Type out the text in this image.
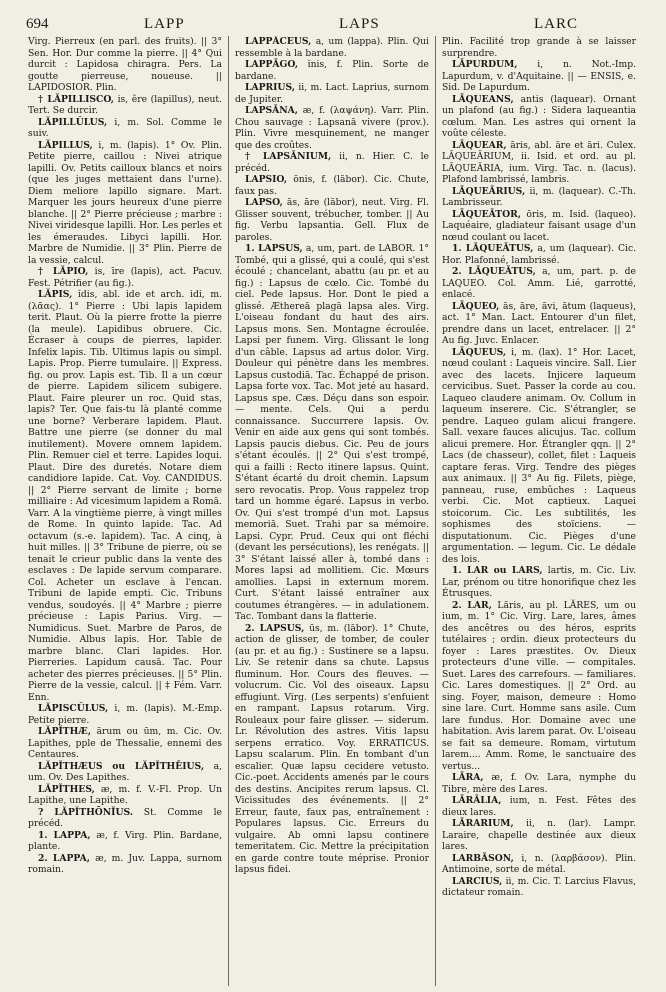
694	LAPP	LAPS	LARC

Virg. Pierreux (en parl. des fruits). || 3° Sen. Hor. Dur comme la pierre. || 4° Qui durcit : Lapidosa chiragra. Pers. La goutte pierreuse, noueuse. || LAPIDOSIOR. Plin.

† LĂPILLISCO, is, ĕre (lapillus), neut. Tert. Se durcir.

LĂPILLŬLUS, i, m. Sol. Comme le suiv.

LĂPILLUS, i, m. (lapis). 1° Ov. Plin. Petite pierre, caillou : Nivei atrique lapilli. Ov. Petits cailloux blancs et noirs (que les juges mettaient dans l'urne). Diem meliore lapillo signare. Mart. Marquer les jours heureux d'une pierre blanche. || 2° Pierre précieuse ; marbre : Nivei viridesque lapilli. Hor. Les perles et les émeraudes. Libyci lapilli. Hor. Marbre de Numidie. || 3° Plin. Pierre de la vessie, calcul.

† LĂPIO, is, īre (lapis), act. Pacuv. Fest. Pétrifier (au fig.).

LĂPIS, ĭdis, abl. ide et arch. idi, m. (λᾶας). 1° Pierre : Ubi lapis lapidem terit. Plaut. Où la pierre frotte la pierre (la meule). Lapidibus obruere. Cic. Écraser à coups de pierres, lapider. Infelix lapis. Tib. Ultimus lapis ou simpl. Lapis. Prop. Pierre tumulaire. || Express. fig. ou prov. Lapis est. Tib. Il a un cœur de pierre. Lapidem silicem subigere. Plaut. Faire pleurer un roc. Quid stas, lapis? Ter. Que fais-tu là planté comme une borne? Verberare lapidem. Plaut. Battre une pierre (se donner du mal inutilement). Movere omnem lapidem. Plin. Remuer ciel et terre. Lapides loqui. Plaut. Dire des duretés. Notare diem candidiore lapide. Cat. Voy. CANDIDUS. || 2° Pierre servant de limite ; borne milliaire : Ad vicesimum lapidem a Romā. Varr. A la vingtième pierre, à vingt milles de Rome. In quinto lapide. Tac. Ad octavum (s.-e. lapidem). Tac. A cinq, à huit milles. || 3° Tribune de pierre, où se tenait le crieur public dans la vente des esclaves : De lapide servum comparare. Col. Acheter un esclave à l'encan. Tribuni de lapide empti. Cic. Tribuns vendus, soudoyés. || 4° Marbre ; pierre précieuse : Lapis Parius. Virg. — Numidicus. Suet. Marbre de Paros, de Numidie. Albus lapis. Hor. Table de marbre blanc. Clari lapides. Hor. Pierreries. Lapidum causā. Tac. Pour acheter des pierres précieuses. || 5° Plin. Pierre de la vessie, calcul. || ‡ Fém. Varr. Enn.

LĂPISCŬLUS, i, m. (lapis). M.-Emp. Petite pierre.

LĂPĬTHÆ, ārum ou ūm, m. Cic. Ov. Lapithes, pple de Thessalie, ennemi des Centaures.

LĂPĬTHÆUS ou LĂPĬTHĒIUS, a, um. Ov. Des Lapithes.

LĂPĬTHES, æ, m. f. V.-Fl. Prop. Un Lapithe, une Lapithe.

? LĂPĬTHŌNĬUS. St. Comme le précéd.

1. LAPPA, æ, f. Virg. Plin. Bardane, plante.

2. LAPPA, æ, m. Juv. Lappa, surnom romain.

LAPPĀCEUS, a, um (lappa). Plin. Qui ressemble à la bardane.

LAPPĀGO, ĭnis, f. Plin. Sorte de bardane.

LAPRIUS, ii, m. Lact. Laprius, surnom de Jupiter.

LAPSĀNA, æ, f. (λαψάνη). Varr. Plin. Chou sauvage : Lapsanā vivere (prov.). Plin. Vivre mesquinement, ne manger que des croûtes.

† LAPSĀNIUM, ii, n. Hier. C. le précéd.

LAPSIO, ōnis, f. (lābor). Cic. Chute, faux pas.

LAPSO, ās, āre (lābor), neut. Virg. Fl. Glisser souvent, trébucher, tomber. || Au fig. Verbu lapsantia. Gell. Flux de paroles.

1. LAPSUS, a, um, part. de LABOR. 1° Tombé, qui a glissé, qui a coulé, qui s'est écoulé ; chancelant, abattu (au pr. et au fig.) : Lapsus de cœlo. Cic. Tombé du ciel. Pede lapsus. Hor. Dont le pied a glissé. Æthereā plagā lapsa ales. Virg. L'oiseau fondant du haut des airs. Lapsus mons. Sen. Montagne écroulée. Lapsi per funem. Virg. Glissant le long d'un câble. Lapsus ad artus dolor. Virg. Douleur qui pénètre dans les membres. Lapsus custodiā. Tac. Échappé de prison. Lapsa forte vox. Tac. Mot jeté au hasard. Lapsus spe. Cæs. Déçu dans son espoir. — mente. Cels. Qui a perdu connaissance. Succurrere lapsis. Ov. Venir en aide aux gens qui sont tombés. Lapsis paucis diebus. Cic. Peu de jours s'étant écoulés. || 2° Qui s'est trompé, qui a failli : Recto itinere lapsus. Quint. S'étant écarté du droit chemin. Lapsum sero revocatis. Prop. Vous rappelez trop tard un homme égaré. Lapsus in verbo. Ov. Qui s'est trompé d'un mot. Lapsus memoriā. Suet. Trahi par sa mémoire. Lapsi. Cypr. Prud. Ceux qui ont fléchi (devant les persécutions), les renégats. || 3° S'étant laissé aller à, tombé dans : Mores lapsi ad mollitiem. Cic. Mœurs amollies. Lapsi in externum morem. Curt. S'étant laissé entraîner aux coutumes étrangères. — in adulationem. Tac. Tombant dans la flatterie.

2. LAPSUS, ūs, m. (lābor). 1° Chute, action de glisser, de tomber, de couler (au pr. et au fig.) : Sustinere se a lapsu. Liv. Se retenir dans sa chute. Lapsus fluminum. Hor. Cours des fleuves. — volucrum. Cic. Vol des oiseaux. Lapsu effugiunt. Virg. (Les serpents) s'enfuient en rampant. Lapsus rotarum. Virg. Rouleaux pour faire glisser. — siderum. Lr. Révolution des astres. Vitis lapsu serpens erratico. Voy. ERRATICUS. Lapsu scalarum. Plin. En tombant d'un escalier. Quæ lapsu cecidere vetusto. Cic.-poet. Accidents amenés par le cours des destins. Ancipites rerum lapsus. Cl. Vicissitudes des événements. || 2° Erreur, faute, faux pas, entraînement : Populares lapsus. Cic. Erreurs du vulgaire. Ab omni lapsu continere temeritatem. Cic. Mettre la précipitation en garde contre toute méprise. Pronior lapsus fidei.

Plin. Facilité trop grande à se laisser surprendre.

LĀPURDUM, i, n. Not.-Imp. Lapurdum, v. d'Aquitaine. || — ENSIS, e. Sid. De Lapurdum.

LĀQUEANS, antis (laquear). Ornant un plafond (au fig.) : Sidera laqueantia cœlum. Man. Les astres qui ornent la voûte céleste.

LĀQUEAR, āris, abl. āre et āri. Culex. LĀQUEĀRIUM, ii. Isid. et ord. au pl. LĀQUEĀRIA, ium. Virg. Tac. n. (lacus). Plafond lambrissé, lambris.

LĀQUEĀRIUS, ii, m. (laquear). C.-Th. Lambrisseur.

LĀQUEĀTOR, ōris, m. Isid. (laqueo). Laquéaire, gladiateur faisant usage d'un nœud coulant ou lacet.

1. LĀQUEĀTUS, a, um (laquear). Cic. Hor. Plafonné, lambrissé.

2. LĀQUEĀTUS, a, um, part. p. de LAQUEO. Col. Amm. Lié, garrotté, enlacé.

LĀQUEO, ās, āre, āvi, ātum (laqueus), act. 1° Man. Lact. Entourer d'un filet, prendre dans un lacet, entrelacer. || 2° Au fig. Juvc. Enlacer.

LĀQUEUS, i, m. (lax). 1° Hor. Lacet, nœud coulant : Laqueis vincire. Sall. Lier avec des lacets. Injicere laqueum cervicibus. Suet. Passer la corde au cou. Laqueo claudere animam. Ov. Collum in laqueum inserere. Cic. S'étrangler, se pendre. Laqueo gulam alicui frangere. Sall. vexare fauces alicujus. Tac. collum alicui premere. Hor. Étrangler qqn. || 2° Lacs (de chasseur), collet, filet : Laqueis captare feras. Virg. Tendre des pièges aux animaux. || 3° Au fig. Filets, piège, panneau, ruse, embûches : Laqueus verbi. Cic. Mot captieux. Laquei stoicorum. Cic. Les subtilités, les sophismes des stoïciens. — disputationum. Cic. Pièges d'une argumentation. — legum. Cic. Le dédale des lois.

1. LAR ou LARS, lartis, m. Cic. Liv. Lar, prénom ou titre honorifique chez les Étrusques.

2. LAR, Lăris, au pl. LĂRES, um ou ium, m. 1° Cic. Virg. Lare, lares, âmes des ancêtres ou des héros, esprits tutélaires ; ordin. dieux protecteurs du foyer : Lares præstites. Ov. Dieux protecteurs d'une ville. — compitales. Suet. Lares des carrefours. — familiares. Cic. Lares domestiques. || 2° Ord. au sing. Foyer, maison, demeure : Homo sine lare. Curt. Homme sans asile. Cum lare fundus. Hor. Domaine avec une habitation. Avis larem parat. Ov. L'oiseau se fait sa demeure. Romam, virtutum larem.... Amm. Rome, le sanctuaire des vertus...

LĀRA, æ, f. Ov. Lara, nymphe du Tibre, mère des Lares.

LĀRĀLIA, ium, n. Fest. Fêtes des dieux lares.

LĀRARIUM, ii, n. (lar). Lampr. Laraire, chapelle destinée aux dieux lares.

LARBĀSON, i, n. (λαρβάσον). Plin. Antimoine, sorte de métal.

LARCIUS, ii, m. Cic. T. Larcius Flavus, dictateur romain.
